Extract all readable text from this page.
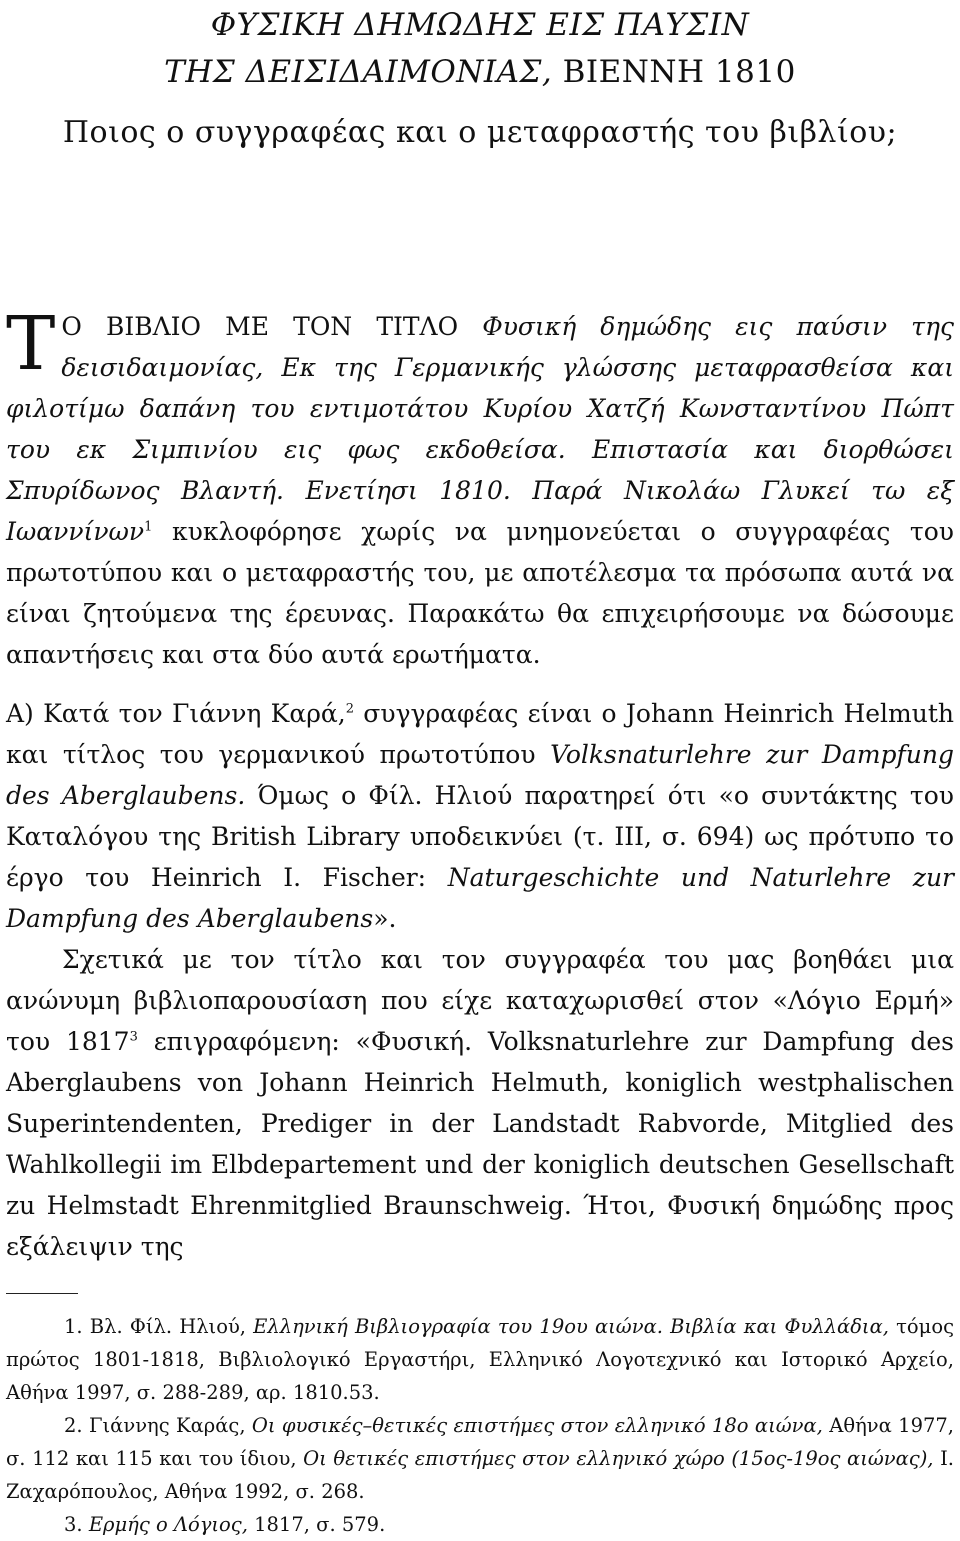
ΦΥΣΙΚΗ ΔΗΜΩΔΗΣ ΕΙΣ ΠΑΥΣΙΝ
ΤΗΣ ΔΕΙΣΙΔΑΙΜΟΝΙΑΣ, ΒΙΕΝΝΗ 1810
Ποιος ο συγγραφέας και ο μεταφραστής του βιβλίου;

Τ Ο ΒΙΒΛΙΟ ΜΕ ΤΟΝ ΤΙΤΛΟ Φυσική δημώδης εις παύσιν της δεισιδαιμονίας, Εκ της Γερμανικής γλώσσης μεταφρασθείσα και φιλοτίμω δαπάνη του εντιμοτάτου Κυρίου Χατζή Κωνσταντίνου Πώπτ του εκ Σιμπινίου εις φως εκδοθείσα. Επιστασία και διορθώσει Σπυρίδωνος Βλαντή. Ενετίησι 1810. Παρά Νικολάω Γλυκεί τω εξ Ιωαννίνων$^1$ κυκλοφόρησε χωρίς να μνημονεύεται ο συγγραφέας του πρωτοτύπου και ο μεταφραστής του, με αποτέλεσμα τα πρόσωπα αυτά να είναι ζητούμενα της έρευνας. Παρακάτω θα επιχειρήσουμε να δώσουμε απαντήσεις και στα δύο αυτά ερωτήματα.

Α) Κατά τον Γιάννη Καρά,$^2$ συγγραφέας είναι ο Johann Heinrich Helmuth και τίτλος του γερμανικού πρωτοτύπου Volksnaturlehre zur Dampfung des Aberglaubens. Όμως ο Φίλ. Ηλιού παρατηρεί ότι «ο συντάκτης του Καταλόγου της British Library υποδεικνύει (τ. III, σ. 694) ως πρότυπο το έργο του Heinrich I. Fischer: Naturgeschichte und Naturlehre zur Dampfung des Aberglaubens».

Σχετικά με τον τίτλο και τον συγγραφέα του μας βοηθάει μια ανώνυμη βιβλιοπαρουσίαση που είχε καταχωρισθεί στον «Λόγιο Ερμή» του 1817$^3$ επιγραφόμενη: «Φυσική. Volksnaturlehre zur Dampfung des Aberglaubens von Johann Heinrich Helmuth, koniglich westphalischen Superintendenten, Prediger in der Landstadt Rabvorde, Mitglied des Wahlkollegii im Elbdepartement und der koniglich deutschen Gesellschaft zu Helmstadt Ehrenmitglied Braunschweig. Ήτοι, Φυσική δημώδης προς εξάλειψιν της

1. Βλ. Φίλ. Ηλιού, Ελληνική Βιβλιογραφία του 19ου αιώνα. Βιβλία και Φυλλάδια, τόμος πρώτος 1801-1818, Βιβλιολογικό Εργαστήρι, Ελληνικό Λογοτεχνικό και Ιστορικό Αρχείο, Αθήνα 1997, σ. 288-289, αρ. 1810.53.

2. Γιάννης Καράς, Οι φυσικές–θετικές επιστήμες στον ελληνικό 18ο αιώνα, Αθήνα 1977, σ. 112 και 115 και του ίδιου, Οι θετικές επιστήμες στον ελληνικό χώρο (15ος-19ος αιώνας), Ι. Ζαχαρόπουλος, Αθήνα 1992, σ. 268.

3. Ερμής ο Λόγιος, 1817, σ. 579.
